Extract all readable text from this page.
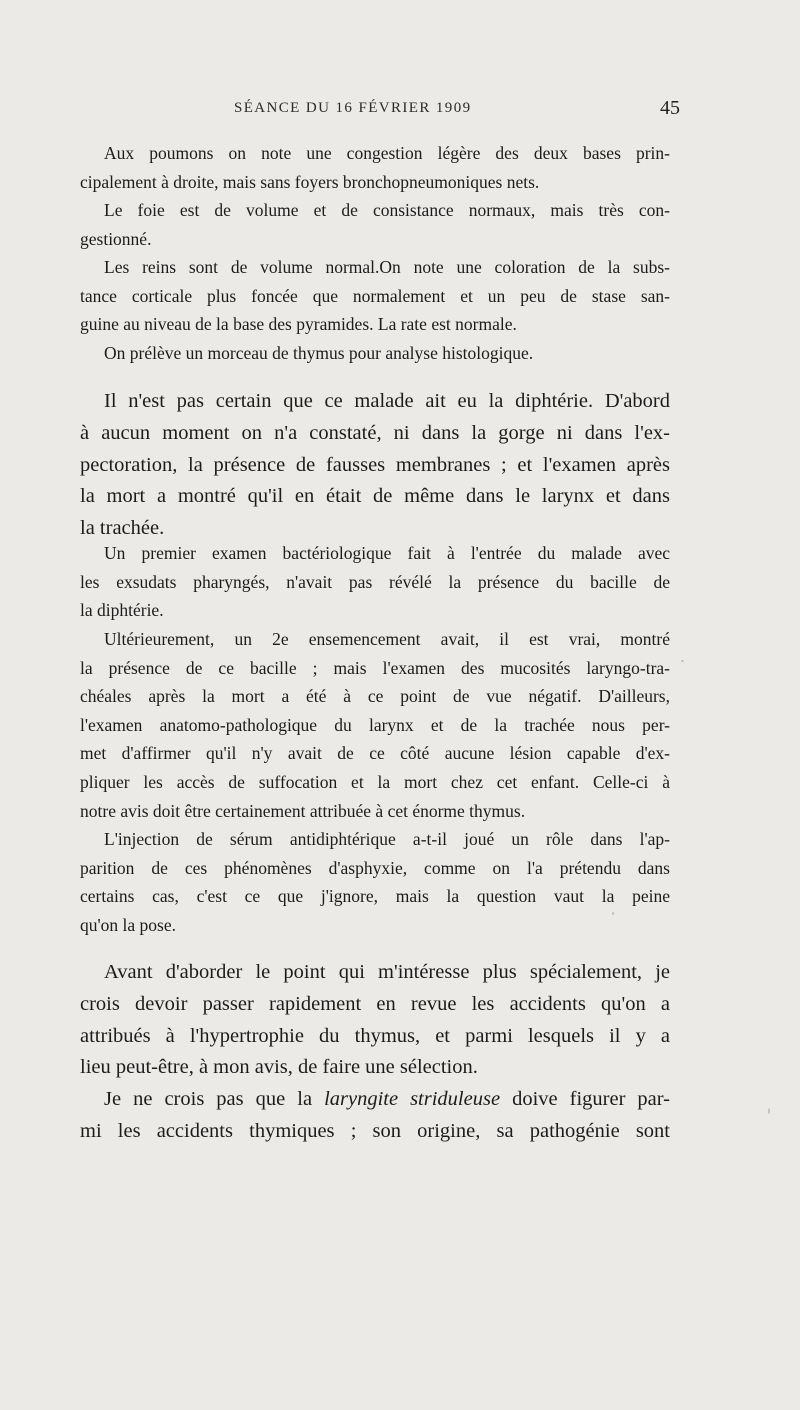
SÉANCE DU 16 FÉVRIER 1909	45

Aux poumons on note une congestion légère des deux bases prin-
cipalement à droite, mais sans foyers bronchopneumoniques nets.

Le foie est de volume et de consistance normaux, mais très con-
gestionné.

Les reins sont de volume normal.On note une coloration de la subs-
tance corticale plus foncée que normalement et un peu de stase san-
guine au niveau de la base des pyramides. La rate est normale.

On prélève un morceau de thymus pour analyse histologique.

Il n'est pas certain que ce malade ait eu la diphtérie. D'abord
à aucun moment on n'a constaté, ni dans la gorge ni dans l'ex-
pectoration, la présence de fausses membranes ; et l'examen après
la mort a montré qu'il en était de même dans le larynx et dans
la trachée.

Un premier examen bactériologique fait à l'entrée du malade avec
les exsudats pharyngés, n'avait pas révélé la présence du bacille de
la diphtérie.

Ultérieurement, un 2e ensemencement avait, il est vrai, montré
la présence de ce bacille ; mais l'examen des mucosités laryngo-tra-
chéales après la mort a été à ce point de vue négatif. D'ailleurs,
l'examen anatomo-pathologique du larynx et de la trachée nous per-
met d'affirmer qu'il n'y avait de ce côté aucune lésion capable d'ex-
pliquer les accès de suffocation et la mort chez cet enfant. Celle-ci à
notre avis doit être certainement attribuée à cet énorme thymus.

L'injection de sérum antidiphtérique a-t-il joué un rôle dans l'ap-
parition de ces phénomènes d'asphyxie, comme on l'a prétendu dans
certains cas, c'est ce que j'ignore, mais la question vaut la peine
qu'on la pose.

Avant d'aborder le point qui m'intéresse plus spécialement, je
crois devoir passer rapidement en revue les accidents qu'on a
attribués à l'hypertrophie du thymus, et parmi lesquels il y a
lieu peut-être, à mon avis, de faire une sélection.

Je ne crois pas que la laryngite striduleuse doive figurer par-
mi les accidents thymiques ; son origine, sa pathogénie sont
